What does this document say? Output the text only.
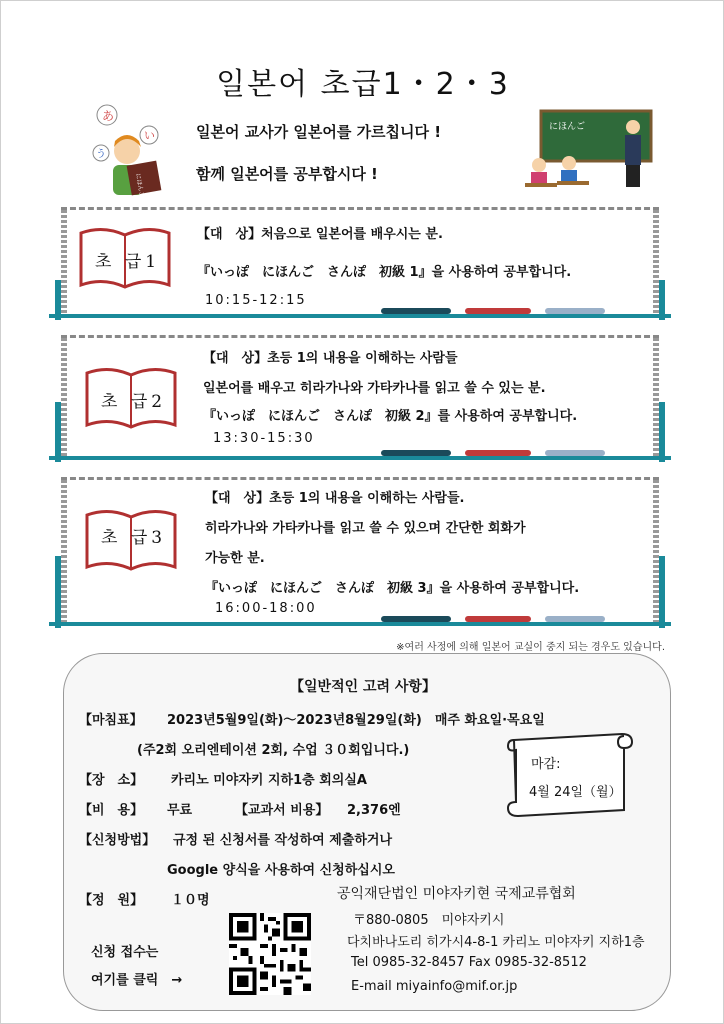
일본어 초급1・2・3
あ
い
う
にほんご
일본어 교사가 일본어를 가르칩니다 !
함께 일본어를 공부합시다 !
にほんご
초 급1
【대　상】처음으로 일본어를 배우시는 분.
『いっぽ　にほんご　さんぽ　初級 1』을 사용하여 공부합니다.
10:15-12:15
초 급2
【대　상】초등 1의 내용을 이해하는 사람들
일본어를 배우고 히라가나와 가타카나를 읽고 쓸 수 있는 분.
『いっぽ　にほんご　さんぽ　初級 2』를 사용하여 공부합니다.
13:30-15:30
초 급3
【대　상】초등 1의 내용을 이해하는 사람들.
히라가나와 가타카나를 읽고 쓸 수 있으며 간단한 회화가
가능한 분.
『いっぽ　にほんご　さんぽ　初級 3』을 사용하여 공부합니다.
16:00-18:00
※여러 사정에 의해 일본어 교실이 중지 되는 경우도 있습니다.
【일반적인 고려 사항】
【마침표】 2023년5월9일(화)～2023년8월29일(화)　매주 화요일·목요일
(주2회 오리엔테이션 2회, 수업 ３０회입니다.)
【장　소】 카리노 미야자키 지하1층 회의실A
【비　용】 무료	【교과서 비용】 2,376엔
【신청방법】 규정 된 신청서를 작성하여 제출하거나
Google 양식을 사용하여 신청하십시오
【정　원】 １０명
마감:
4월 24일（월）
신청 접수는
여기를 클릭　→
공익재단법인 미야자키현 국제교류협회
〒880-0805　미야자키시
다치바나도리 히가시4-8-1 카리노 미야자키 지하1층
Tel 0985-32-8457 Fax 0985-32-8512
E-mail miyainfo@mif.or.jp
